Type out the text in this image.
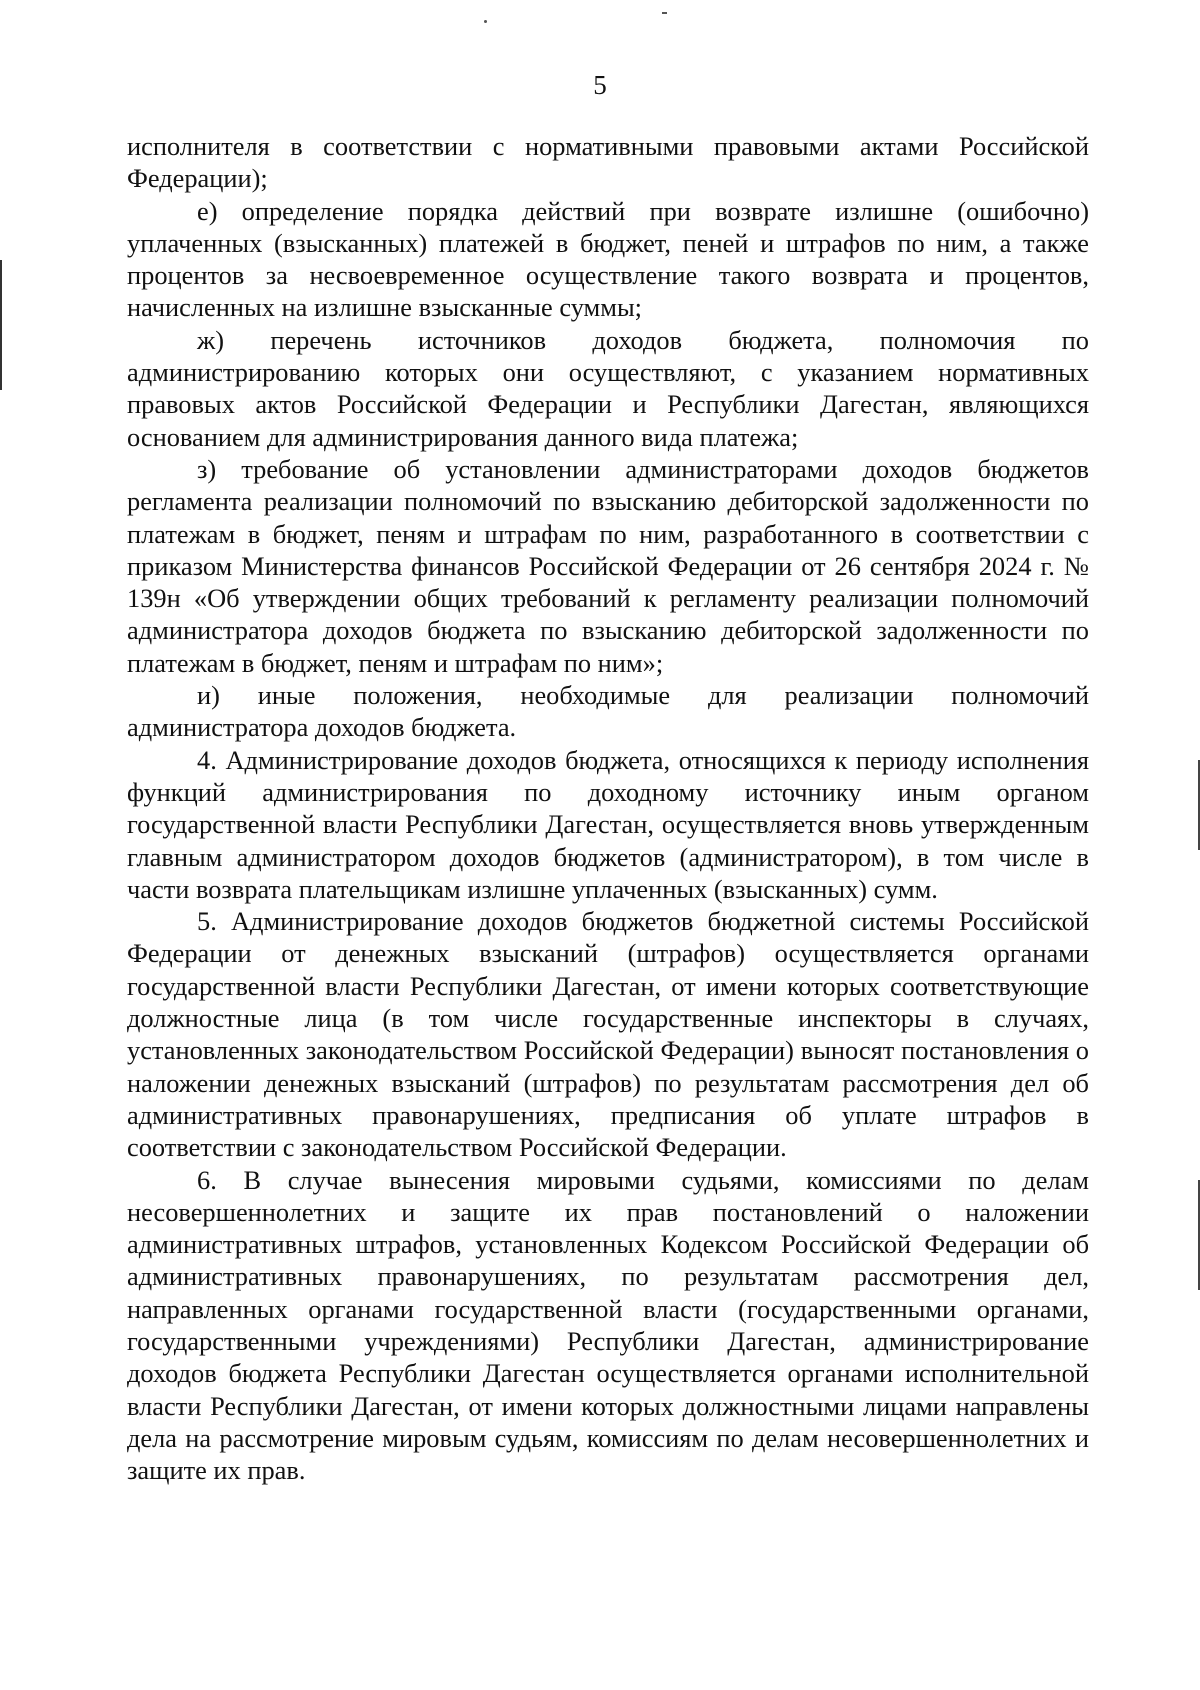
5

исполнителя в соответствии с нормативными правовыми актами Российской Федерации);

е) определение порядка действий при возврате излишне (ошибочно) уплаченных (взысканных) платежей в бюджет, пеней и штрафов по ним, а также процентов за несвоевременное осуществление такого возврата и процентов, начисленных на излишне взысканные суммы;

ж) перечень источников доходов бюджета, полномочия по администрированию которых они осуществляют, с указанием нормативных правовых актов Российской Федерации и Республики Дагестан, являющихся основанием для администрирования данного вида платежа;

з) требование об установлении администраторами доходов бюджетов регламента реализации полномочий по взысканию дебиторской задолженности по платежам в бюджет, пеням и штрафам по ним, разработанного в соответствии с приказом Министерства финансов Российской Федерации от 26 сентября 2024 г. № 139н «Об утверждении общих требований к регламенту реализации полномочий администратора доходов бюджета по взысканию дебиторской задолженности по платежам в бюджет, пеням и штрафам по ним»;

и) иные положения, необходимые для реализации полномочий администратора доходов бюджета.

4. Администрирование доходов бюджета, относящихся к периоду исполнения функций администрирования по доходному источнику иным органом государственной власти Республики Дагестан, осуществляется вновь утвержденным главным администратором доходов бюджетов (администратором), в том числе в части возврата плательщикам излишне уплаченных (взысканных) сумм.

5. Администрирование доходов бюджетов бюджетной системы Российской Федерации от денежных взысканий (штрафов) осуществляется органами государственной власти Республики Дагестан, от имени которых соответствующие должностные лица (в том числе государственные инспекторы в случаях, установленных законодательством Российской Федерации) выносят постановления о наложении денежных взысканий (штрафов) по результатам рассмотрения дел об административных правонарушениях, предписания об уплате штрафов в соответствии с законодательством Российской Федерации.

6. В случае вынесения мировыми судьями, комиссиями по делам несовершеннолетних и защите их прав постановлений о наложении административных штрафов, установленных Кодексом Российской Федерации об административных правонарушениях, по результатам рассмотрения дел, направленных органами государственной власти (государственными органами, государственными учреждениями) Республики Дагестан, администрирование доходов бюджета Республики Дагестан осуществляется органами исполнительной власти Республики Дагестан, от имени которых должностными лицами направлены дела на рассмотрение мировым судьям, комиссиям по делам несовершеннолетних и защите их прав.
